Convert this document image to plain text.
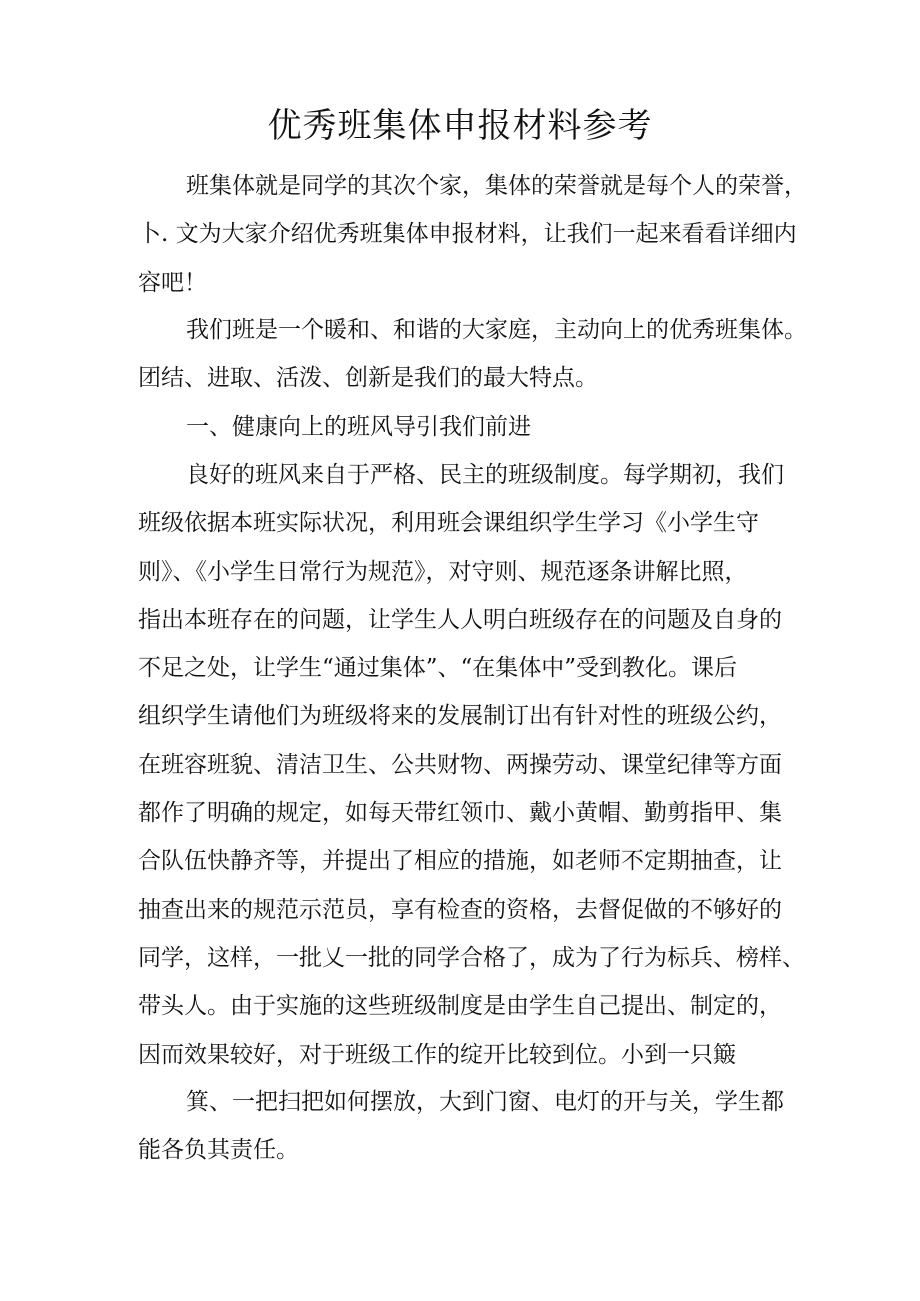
优秀班集体申报材料参考
班集体就是同学的其次个家，集体的荣誉就是每个人的荣誉，
卜. 文为大家介绍优秀班集体申报材料，让我们一起来看看详细内
容吧！
我们班是一个暖和、和谐的大家庭，主动向上的优秀班集体。
团结、进取、活泼、创新是我们的最大特点。
一、健康向上的班风导引我们前进
良好的班风来自于严格、民主的班级制度。每学期初，我们
班级依据本班实际状况，利用班会课组织学生学习《小学生守
则》、《小学生日常行为规范》，对守则、规范逐条讲解比照，
指出本班存在的问题，让学生人人明白班级存在的问题及自身的
不足之处，让学生“通过集体”、“在集体中”受到教化。课后
组织学生请他们为班级将来的发展制订出有针对性的班级公约，
在班容班貌、清洁卫生、公共财物、两操劳动、课堂纪律等方面
都作了明确的规定，如每天带红领巾、戴小黄帽、勤剪指甲、集
合队伍快静齐等，并提出了相应的措施，如老师不定期抽查，让
抽查出来的规范示范员，享有检查的资格，去督促做的不够好的
同学，这样，一批乂一批的同学合格了，成为了行为标兵、榜样、
带头人。由于实施的这些班级制度是由学生自己提出、制定的，
因而效果较好，对于班级工作的绽开比较到位。小到一只簸
箕、一把扫把如何摆放，大到门窗、电灯的开与关，学生都
能各负其责任。
